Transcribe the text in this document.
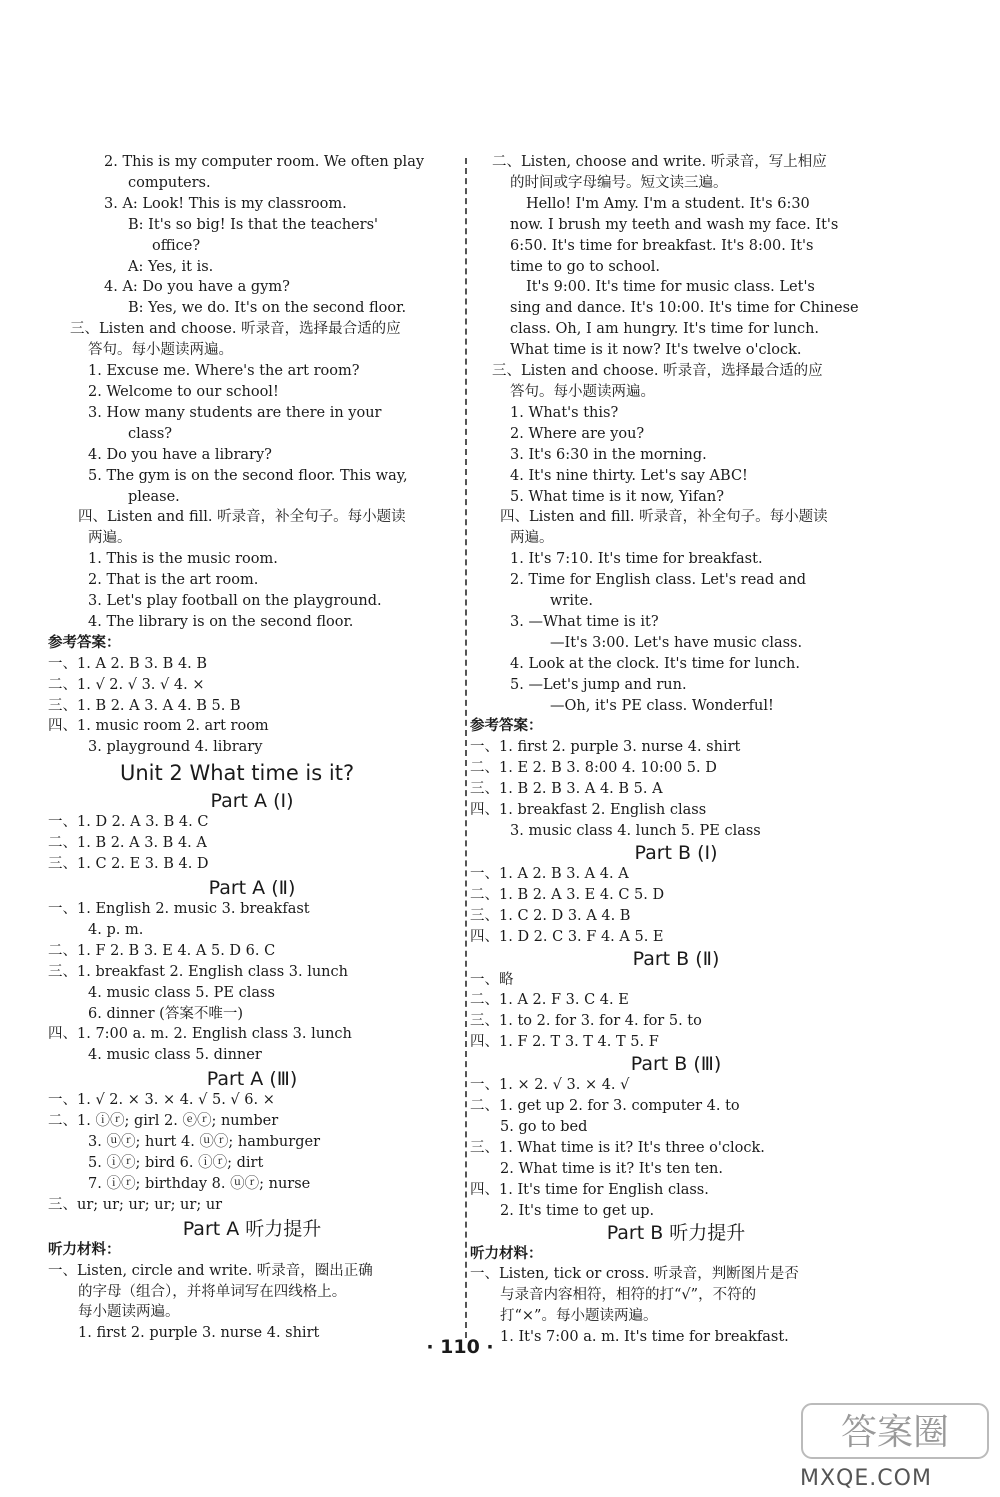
2. This is my computer room. We often play
computers.
3. A: Look! This is my classroom.
B: It's so big! Is that the teachers'
office?
A: Yes, it is.
4. A: Do you have a gym?
B: Yes, we do. It's on the second floor.
三、Listen and choose. 听录音，选择最合适的应
答句。每小题读两遍。
1. Excuse me. Where's the art room?
2. Welcome to our school!
3. How many students are there in your
class?
4. Do you have a library?
5. The gym is on the second floor. This way,
please.
四、Listen and fill. 听录音，补全句子。每小题读
两遍。
1. This is the music room.
2. That is the art room.
3. Let's play football on the playground.
4. The library is on the second floor.
参考答案：
一、1. A 2. B 3. B 4. B
二、1. √ 2. √ 3. √ 4. ×
三、1. B 2. A 3. A 4. B 5. B
四、1. music room 2. art room
3. playground 4. library
Unit 2 What time is it?
Part A (Ⅰ)
一、1. D 2. A 3. B 4. C
二、1. B 2. A 3. B 4. A
三、1. C 2. E 3. B 4. D
Part A (Ⅱ)
一、1. English 2. music 3. breakfast
4. p. m.
二、1. F 2. B 3. E 4. A 5. D 6. C
三、1. breakfast 2. English class 3. lunch
4. music class 5. PE class
6. dinner (答案不唯一)
四、1. 7:00 a. m. 2. English class 3. lunch
4. music class 5. dinner
Part A (Ⅲ)
一、1. √ 2. × 3. × 4. √ 5. √ 6. ×
二、1. ⓘⓡ; girl 2. ⓔⓡ; number
3. ⓤⓡ; hurt 4. ⓤⓡ; hamburger
5. ⓘⓡ; bird 6. ⓘⓡ; dirt
7. ⓘⓡ; birthday 8. ⓤⓡ; nurse
三、ur; ur; ur; ur; ur; ur
Part A 听力提升
听力材料：
一、Listen, circle and write. 听录音，圈出正确
的字母（组合），并将单词写在四线格上。
每小题读两遍。
1. first 2. purple 3. nurse 4. shirt
二、Listen, choose and write. 听录音，写上相应
的时间或字母编号。短文读三遍。
Hello! I'm Amy. I'm a student. It's 6:30
now. I brush my teeth and wash my face. It's
6:50. It's time for breakfast. It's 8:00. It's
time to go to school.
It's 9:00. It's time for music class. Let's
sing and dance. It's 10:00. It's time for Chinese
class. Oh, I am hungry. It's time for lunch.
What time is it now? It's twelve o'clock.
三、Listen and choose. 听录音，选择最合适的应
答句。每小题读两遍。
1. What's this?
2. Where are you?
3. It's 6:30 in the morning.
4. It's nine thirty. Let's say ABC!
5. What time is it now, Yifan?
四、Listen and fill. 听录音，补全句子。每小题读
两遍。
1. It's 7:10. It's time for breakfast.
2. Time for English class. Let's read and
write.
3. —What time is it?
—It's 3:00. Let's have music class.
4. Look at the clock. It's time for lunch.
5. —Let's jump and run.
—Oh, it's PE class. Wonderful!
参考答案：
一、1. first 2. purple 3. nurse 4. shirt
二、1. E 2. B 3. 8:00 4. 10:00 5. D
三、1. B 2. B 3. A 4. B 5. A
四、1. breakfast 2. English class
3. music class 4. lunch 5. PE class
Part B (Ⅰ)
一、1. A 2. B 3. A 4. A
二、1. B 2. A 3. E 4. C 5. D
三、1. C 2. D 3. A 4. B
四、1. D 2. C 3. F 4. A 5. E
Part B (Ⅱ)
一、略
二、1. A 2. F 3. C 4. E
三、1. to 2. for 3. for 4. for 5. to
四、1. F 2. T 3. T 4. T 5. F
Part B (Ⅲ)
一、1. × 2. √ 3. × 4. √
二、1. get up 2. for 3. computer 4. to
5. go to bed
三、1. What time is it? It's three o'clock.
2. What time is it? It's ten ten.
四、1. It's time for English class.
2. It's time to get up.
Part B 听力提升
听力材料：
一、Listen, tick or cross. 听录音，判断图片是否
与录音内容相符，相符的打“√”，不符的
打“×”。每小题读两遍。
1. It's 7:00 a. m. It's time for breakfast.
· 110 ·
答案圈
MXQE.COM
